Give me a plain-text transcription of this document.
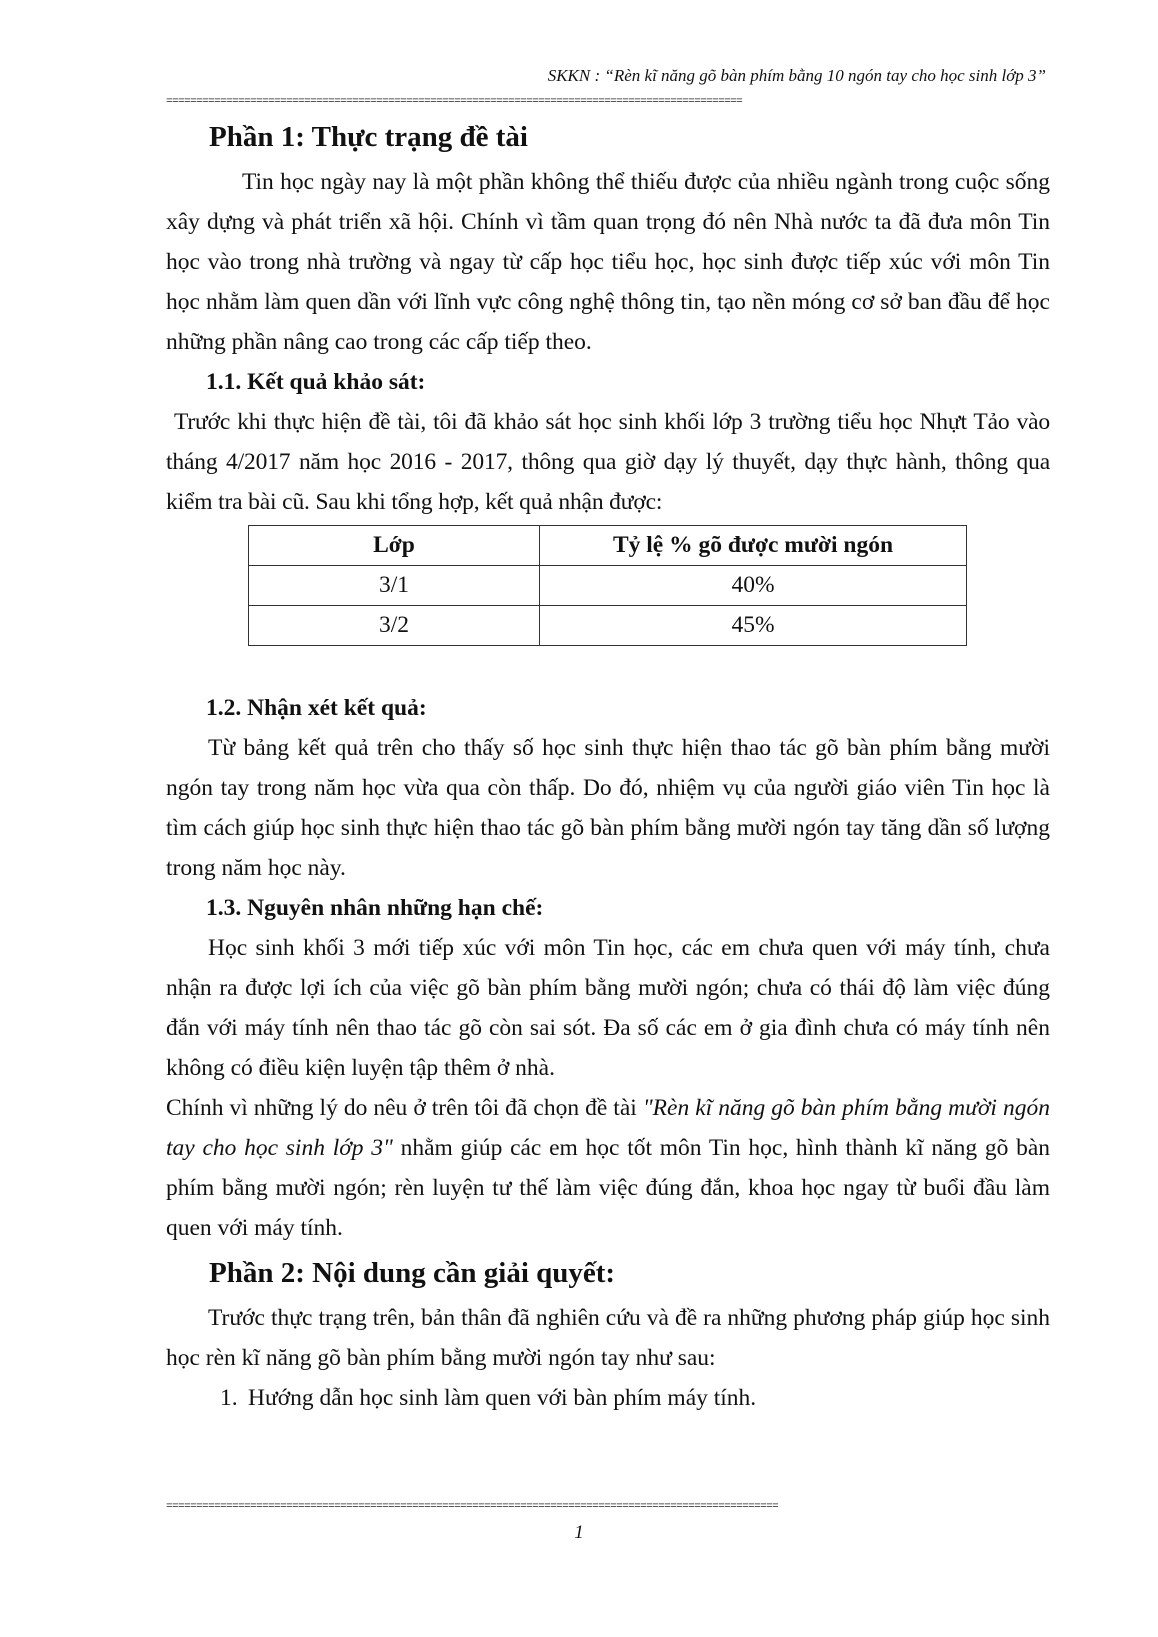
SKKN : “Rèn kĩ năng gõ bàn phím bằng 10 ngón tay cho học sinh lớp 3”
================================================================================================
Phần 1: Thực trạng đề tài

Tin học ngày nay là một phần không thể thiếu được của nhiều ngành trong cuộc sống xây dựng và phát triển xã hội. Chính vì tầm quan trọng đó nên Nhà nước ta đã đưa môn Tin học vào trong nhà trường và ngay từ cấp học tiểu học, học sinh được tiếp xúc với môn Tin học nhằm làm quen dần với lĩnh vực công nghệ thông tin, tạo nền móng cơ sở ban đầu để học những phần nâng cao trong các cấp tiếp theo.

1.1. Kết quả khảo sát:

Trước khi thực hiện đề tài, tôi đã khảo sát học sinh khối lớp 3 trường tiểu học Nhựt Tảo vào tháng 4/2017 năm học 2016 - 2017, thông qua giờ dạy lý thuyết, dạy thực hành, thông qua kiểm tra bài cũ. Sau khi tổng hợp, kết quả nhận được:

Lớp	Tỷ lệ % gõ được mười ngón
3/1	40%
3/2	45%
1.2. Nhận xét kết quả:

Từ bảng kết quả trên cho thấy số học sinh thực hiện thao tác gõ bàn phím bằng mười ngón tay trong năm học vừa qua còn thấp. Do đó, nhiệm vụ của người giáo viên Tin học là tìm cách giúp học sinh thực hiện thao tác gõ bàn phím bằng mười ngón tay tăng dần số lượng trong năm học này.

1.3. Nguyên nhân những hạn chế:

Học sinh khối 3 mới tiếp xúc với môn Tin học, các em chưa quen với máy tính, chưa nhận ra được lợi ích của việc gõ bàn phím bằng mười ngón; chưa có thái độ làm việc đúng đắn với máy tính nên thao tác gõ còn sai sót. Đa số các em ở gia đình chưa có máy tính nên không có điều kiện luyện tập thêm ở nhà.

Chính vì những lý do nêu ở trên tôi đã chọn đề tài "Rèn kĩ năng gõ bàn phím bằng mười ngón tay cho học sinh lớp 3" nhằm giúp các em học tốt môn Tin học, hình thành kĩ năng gõ bàn phím bằng mười ngón; rèn luyện tư thế làm việc đúng đắn, khoa học ngay từ buổi đầu làm quen với máy tính.

Phần 2: Nội dung cần giải quyết:

Trước thực trạng trên, bản thân đã nghiên cứu và đề ra những phương pháp giúp học sinh học rèn kĩ năng gõ bàn phím bằng mười ngón tay như sau:

1. Hướng dẫn học sinh làm quen với bàn phím máy tính.
======================================================================================================
1
